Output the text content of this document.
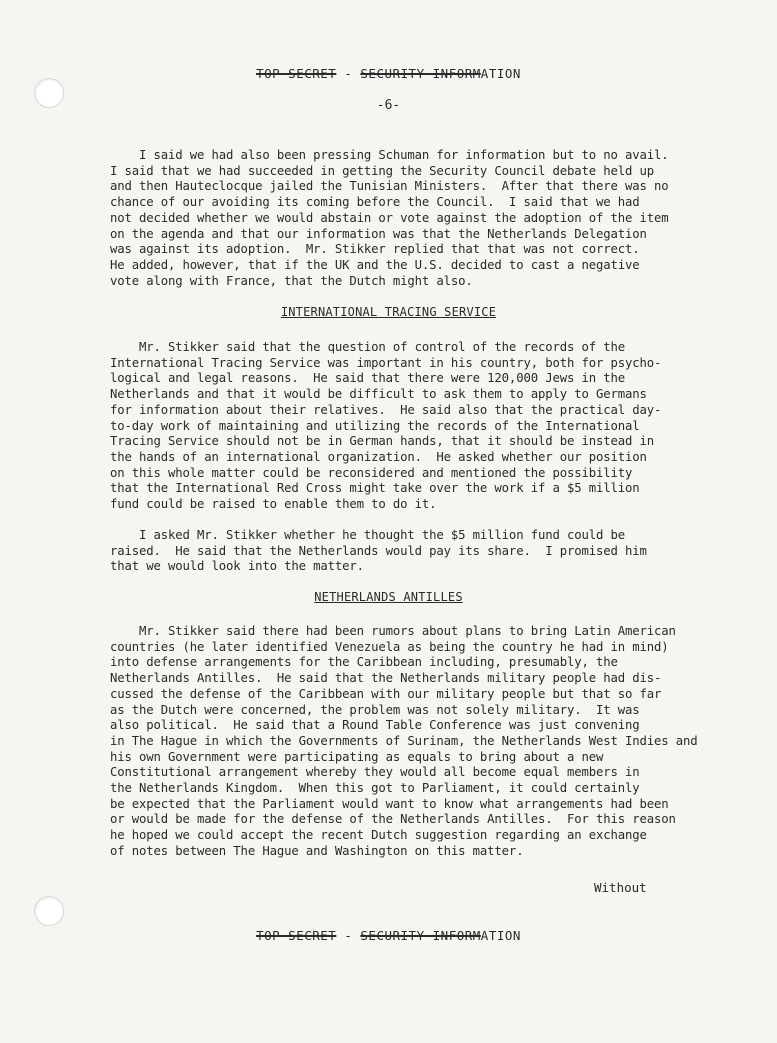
TOP SECRET - SECURITY INFORMATION
-6-
I said we had also been pressing Schuman for information but to no avail.
I said that we had succeeded in getting the Security Council debate held up
and then Hauteclocque jailed the Tunisian Ministers.  After that there was no
chance of our avoiding its coming before the Council.  I said that we had
not decided whether we would abstain or vote against the adoption of the item
on the agenda and that our information was that the Netherlands Delegation
was against its adoption.  Mr. Stikker replied that that was not correct.
He added, however, that if the UK and the U.S. decided to cast a negative
vote along with France, that the Dutch might also.
INTERNATIONAL TRACING SERVICE
Mr. Stikker said that the question of control of the records of the
International Tracing Service was important in his country, both for psycho-
logical and legal reasons.  He said that there were 120,000 Jews in the
Netherlands and that it would be difficult to ask them to apply to Germans
for information about their relatives.  He said also that the practical day-
to-day work of maintaining and utilizing the records of the International
Tracing Service should not be in German hands, that it should be instead in
the hands of an international organization.  He asked whether our position
on this whole matter could be reconsidered and mentioned the possibility
that the International Red Cross might take over the work if a $5 million
fund could be raised to enable them to do it.
I asked Mr. Stikker whether he thought the $5 million fund could be
raised.  He said that the Netherlands would pay its share.  I promised him
that we would look into the matter.
NETHERLANDS ANTILLES
Mr. Stikker said there had been rumors about plans to bring Latin American
countries (he later identified Venezuela as being the country he had in mind)
into defense arrangements for the Caribbean including, presumably, the
Netherlands Antilles.  He said that the Netherlands military people had dis-
cussed the defense of the Caribbean with our military people but that so far
as the Dutch were concerned, the problem was not solely military.  It was
also political.  He said that a Round Table Conference was just convening
in The Hague in which the Governments of Surinam, the Netherlands West Indies and
his own Government were participating as equals to bring about a new
Constitutional arrangement whereby they would all become equal members in
the Netherlands Kingdom.  When this got to Parliament, it could certainly
be expected that the Parliament would want to know what arrangements had been
or would be made for the defense of the Netherlands Antilles.  For this reason
he hoped we could accept the recent Dutch suggestion regarding an exchange
of notes between The Hague and Washington on this matter.
Without
TOP SECRET - SECURITY INFORMATION
